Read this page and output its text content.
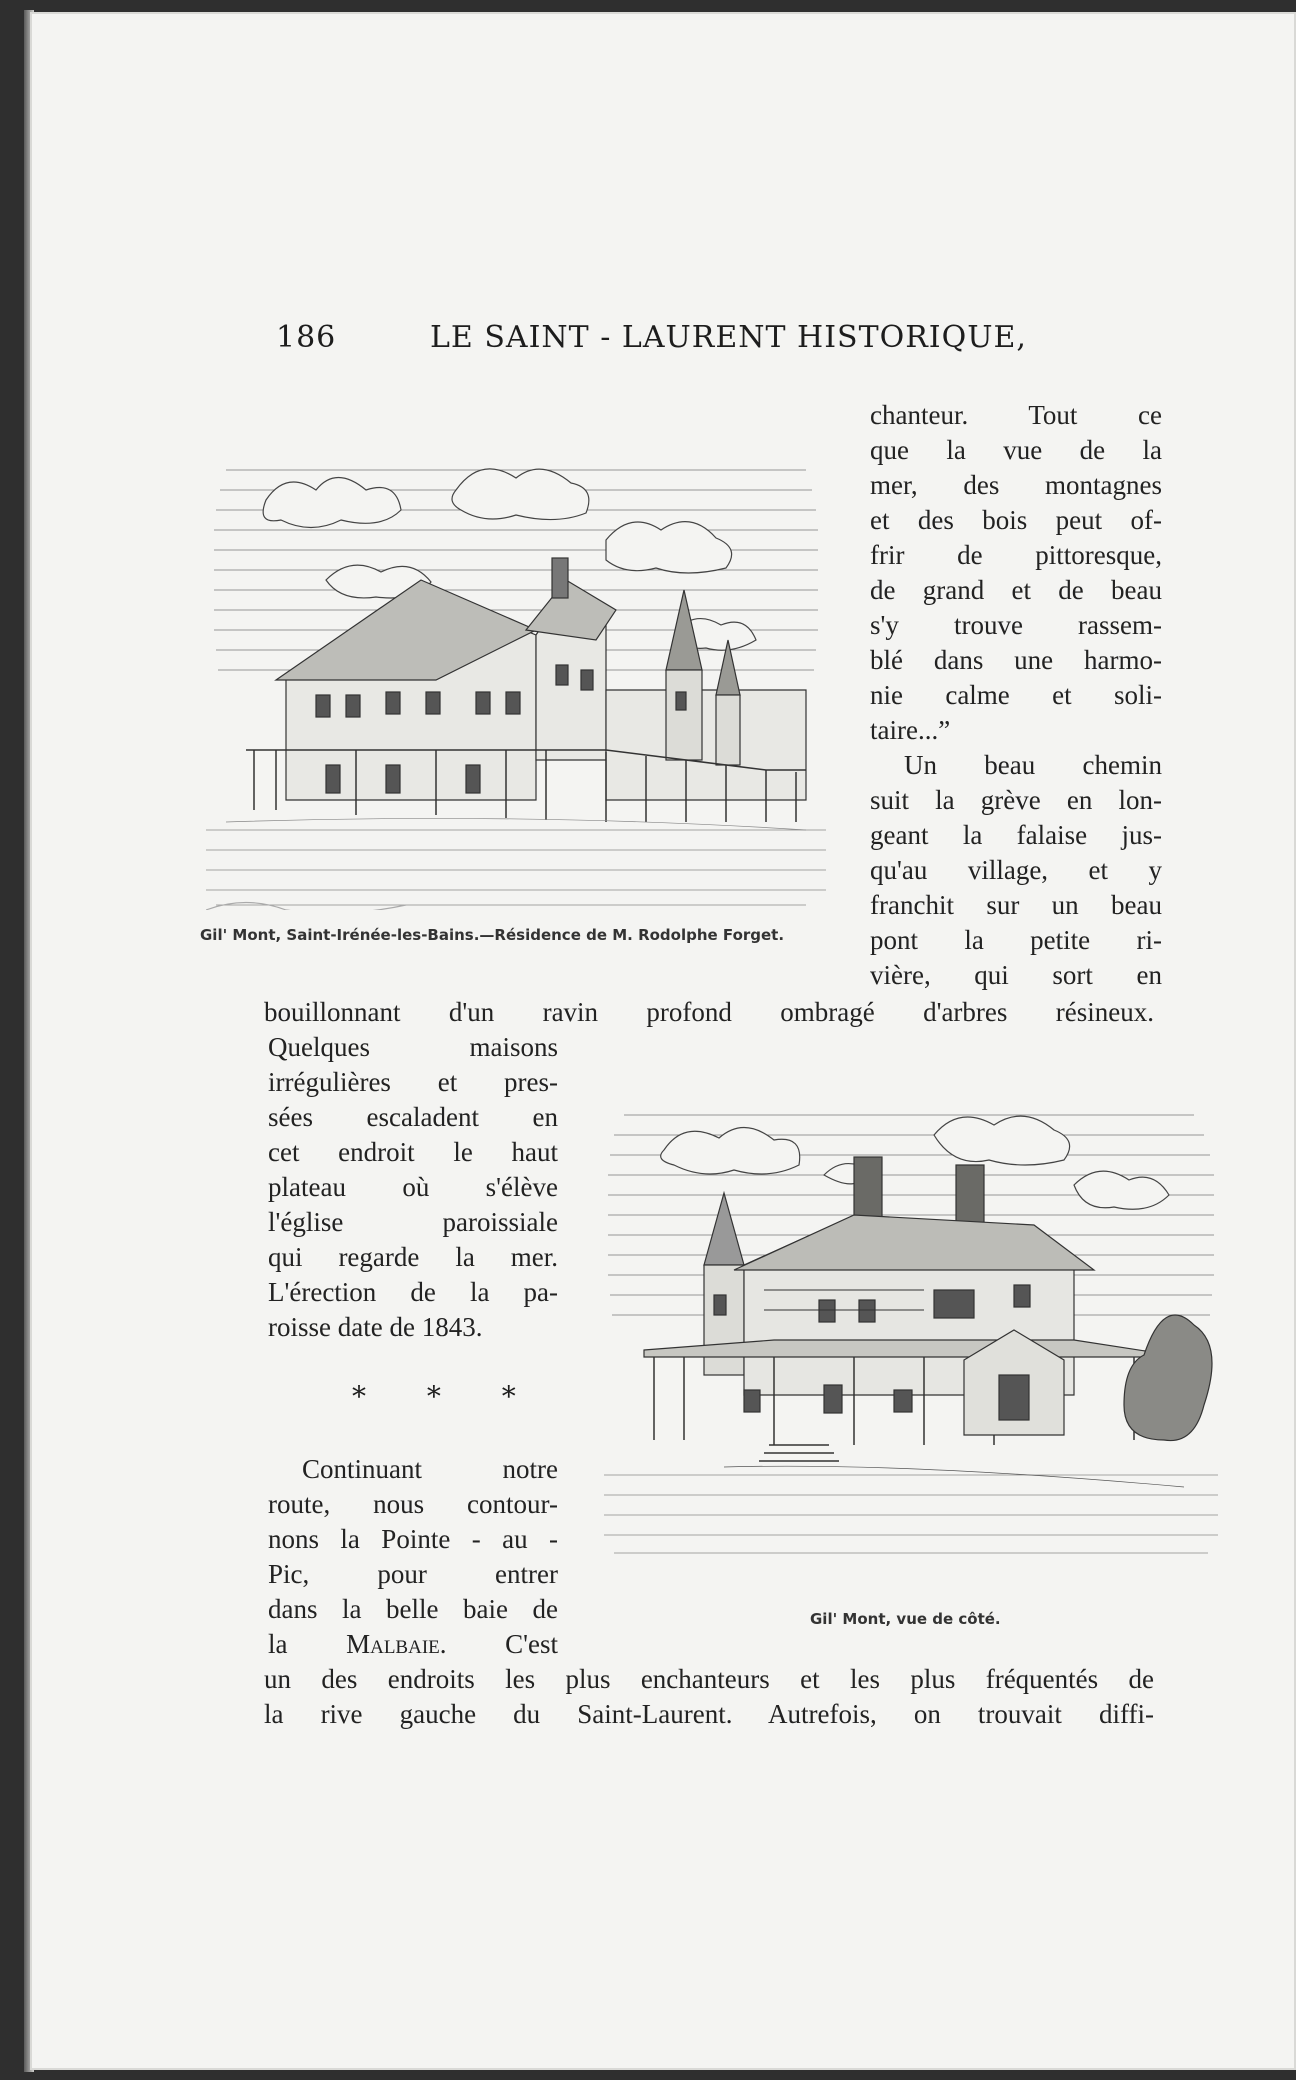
186	LE SAINT - LAURENT HISTORIQUE,
Gil' Mont, Saint-Irénée-les-Bains.—Résidence de M. Rodolphe Forget.
chanteur. Tout ce
que la vue de la
mer, des montagnes
et des bois peut of-
frir de pittoresque,
de grand et de beau
s'y trouve rassem-
blé dans une harmo-
nie calme et soli-
taire...”
Un beau chemin
suit la grève en lon-
geant la falaise jus-
qu'au village, et y
franchit sur un beau
pont la petite ri-
vière, qui sort en
bouillonnant d'un ravin profond ombragé d'arbres résineux.
Quelques maisons
irrégulières et pres-
sées escaladent en
cet endroit le haut
plateau où s'élève
l'église paroissiale
qui regarde la mer.
L'érection de la pa-
roisse date de 1843.
* * *
Continuant notre
route, nous contour-
nons la Pointe - au -
Pic, pour entrer
dans la belle baie de
la Malbaie. C'est
Gil' Mont, vue de côté.
un des endroits les plus enchanteurs et les plus fréquentés de
la rive gauche du Saint-Laurent. Autrefois, on trouvait diffi-
